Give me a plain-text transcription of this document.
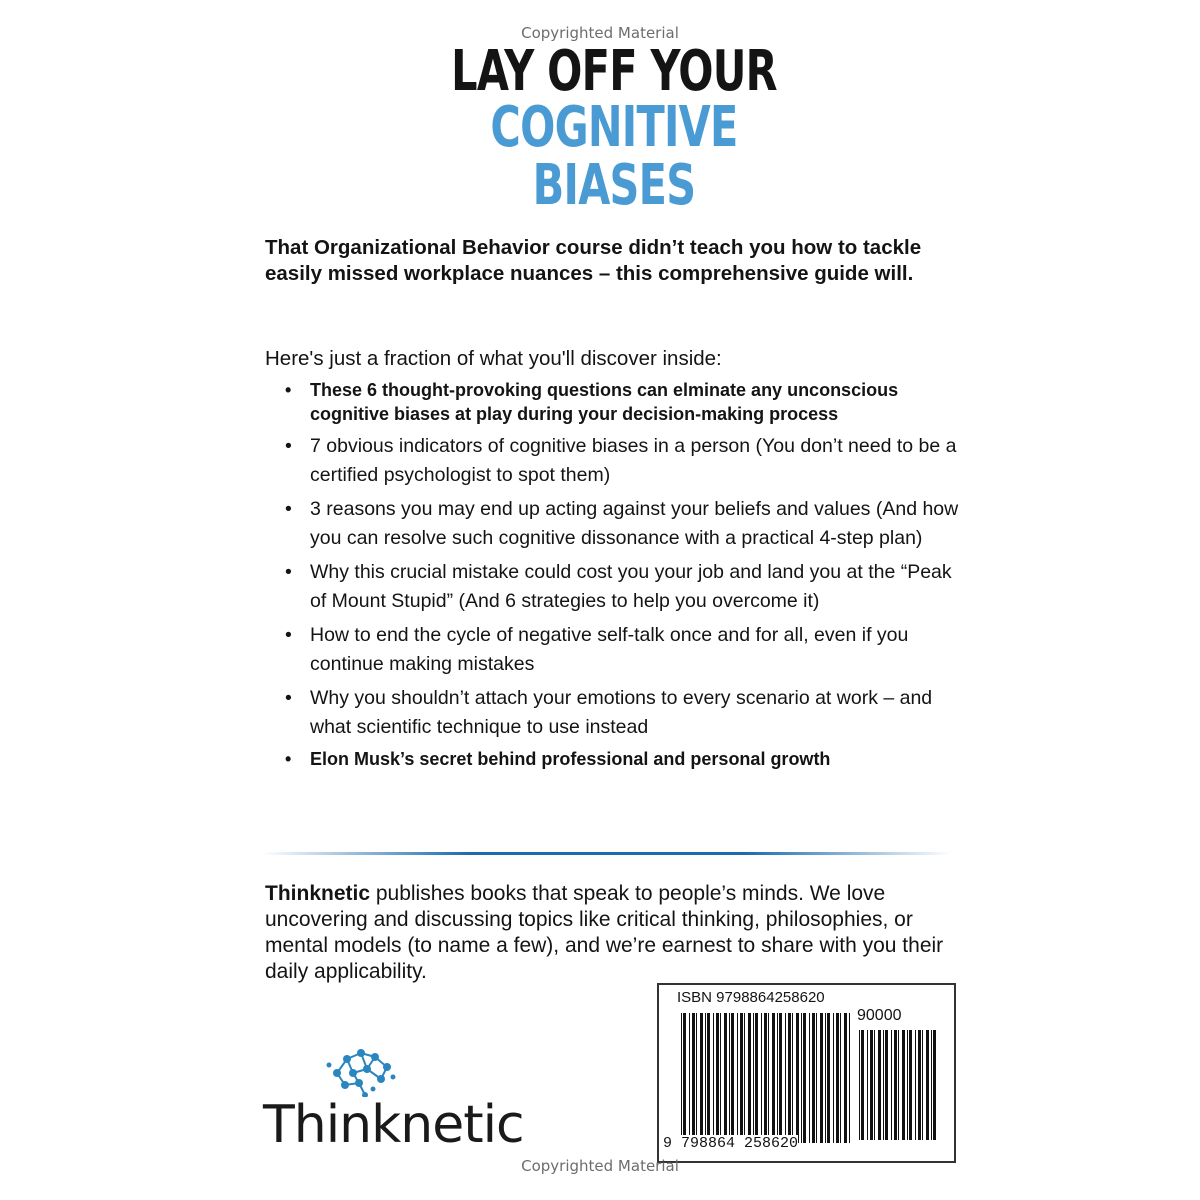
Copyrighted Material
LAY OFF YOUR
COGNITIVE
BIASES

That Organizational Behavior course didn’t teach you how to tackle easily missed workplace nuances – this comprehensive guide will.

Here's just a fraction of what you'll discover inside:

• These 6 thought-provoking questions can elminate any unconscious cognitive biases at play during your decision-making process
• 7 obvious indicators of cognitive biases in a person (You don’t need to be a certified psychologist to spot them)
• 3 reasons you may end up acting against your beliefs and values (And how you can resolve such cognitive dissonance with a practical 4-step plan)
• Why this crucial mistake could cost you your job and land you at the “Peak of Mount Stupid” (And 6 strategies to help you overcome it)
• How to end the cycle of negative self-talk once and for all, even if you continue making mistakes
• Why you shouldn’t attach your emotions to every scenario at work – and what scientific technique to use instead
• Elon Musk’s secret behind professional and personal growth

Thinknetic publishes books that speak to people’s minds. We love uncovering and discussing topics like critical thinking, philosophies, or mental models (to name a few), and we’re earnest to share with you their daily applicability.

Thinknetic
ISBN 9798864258620
90000
9 798864 258620
Copyrighted Material
